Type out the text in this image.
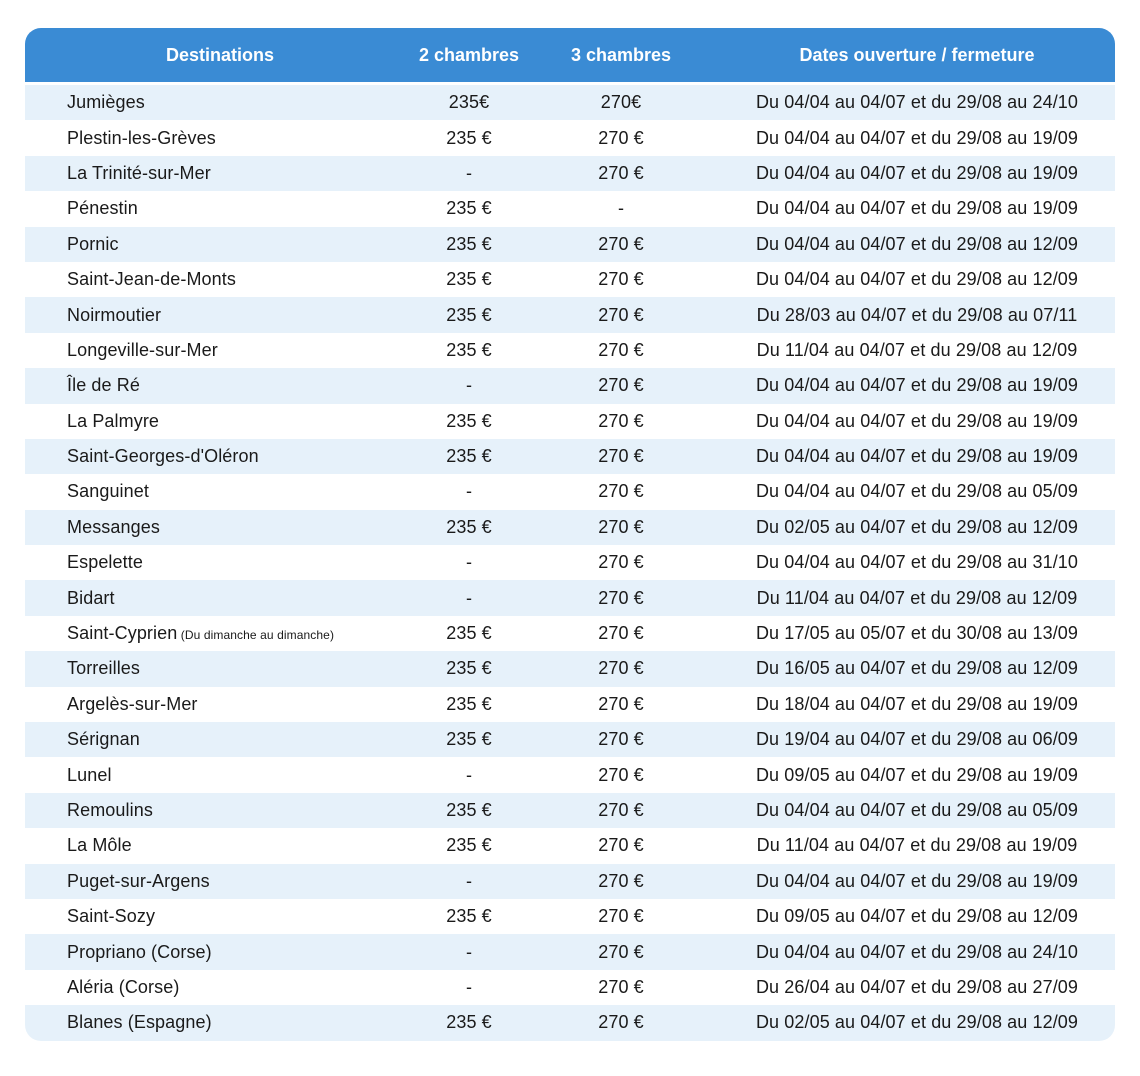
Destinations	2 chambres	3 chambres	Dates ouverture / fermeture
Jumièges	235€	270€	Du 04/04 au 04/07 et du 29/08 au 24/10
Plestin-les-Grèves	235 €	270 €	Du 04/04 au 04/07 et du 29/08 au 19/09
La Trinité-sur-Mer	-	270 €	Du 04/04 au 04/07 et du 29/08 au 19/09
Pénestin	235 €	-	Du 04/04 au 04/07 et du 29/08 au 19/09
Pornic	235 €	270 €	Du 04/04 au 04/07 et du 29/08 au 12/09
Saint-Jean-de-Monts	235 €	270 €	Du 04/04 au 04/07 et du 29/08 au 12/09
Noirmoutier	235 €	270 €	Du 28/03 au 04/07 et du 29/08 au 07/11
Longeville-sur-Mer	235 €	270 €	Du 11/04 au 04/07 et du 29/08 au 12/09
Île de Ré	-	270 €	Du 04/04 au 04/07 et du 29/08 au 19/09
La Palmyre	235 €	270 €	Du 04/04 au 04/07 et du 29/08 au 19/09
Saint-Georges-d'Oléron	235 €	270 €	Du 04/04 au 04/07 et du 29/08 au 19/09
Sanguinet	-	270 €	Du 04/04 au 04/07 et du 29/08 au 05/09
Messanges	235 €	270 €	Du 02/05 au 04/07 et du 29/08 au 12/09
Espelette	-	270 €	Du 04/04 au 04/07 et du 29/08 au 31/10
Bidart	-	270 €	Du 11/04 au 04/07 et du 29/08 au 12/09
Saint-Cyprien (Du dimanche au dimanche)	235 €	270 €	Du 17/05 au 05/07 et du 30/08 au 13/09
Torreilles	235 €	270 €	Du 16/05 au 04/07 et du 29/08 au 12/09
Argelès-sur-Mer	235 €	270 €	Du 18/04 au 04/07 et du 29/08 au 19/09
Sérignan	235 €	270 €	Du 19/04 au 04/07 et du 29/08 au 06/09
Lunel	-	270 €	Du 09/05 au 04/07 et du 29/08 au 19/09
Remoulins	235 €	270 €	Du 04/04 au 04/07 et du 29/08 au 05/09
La Môle	235 €	270 €	Du 11/04 au 04/07 et du 29/08 au 19/09
Puget-sur-Argens	-	270 €	Du 04/04 au 04/07 et du 29/08 au 19/09
Saint-Sozy	235 €	270 €	Du 09/05 au 04/07 et du 29/08 au 12/09
Propriano (Corse)	-	270 €	Du 04/04 au 04/07 et du 29/08 au 24/10
Aléria (Corse)	-	270 €	Du 26/04 au 04/07 et du 29/08 au 27/09
Blanes (Espagne)	235 €	270 €	Du 02/05 au 04/07 et du 29/08 au 12/09
